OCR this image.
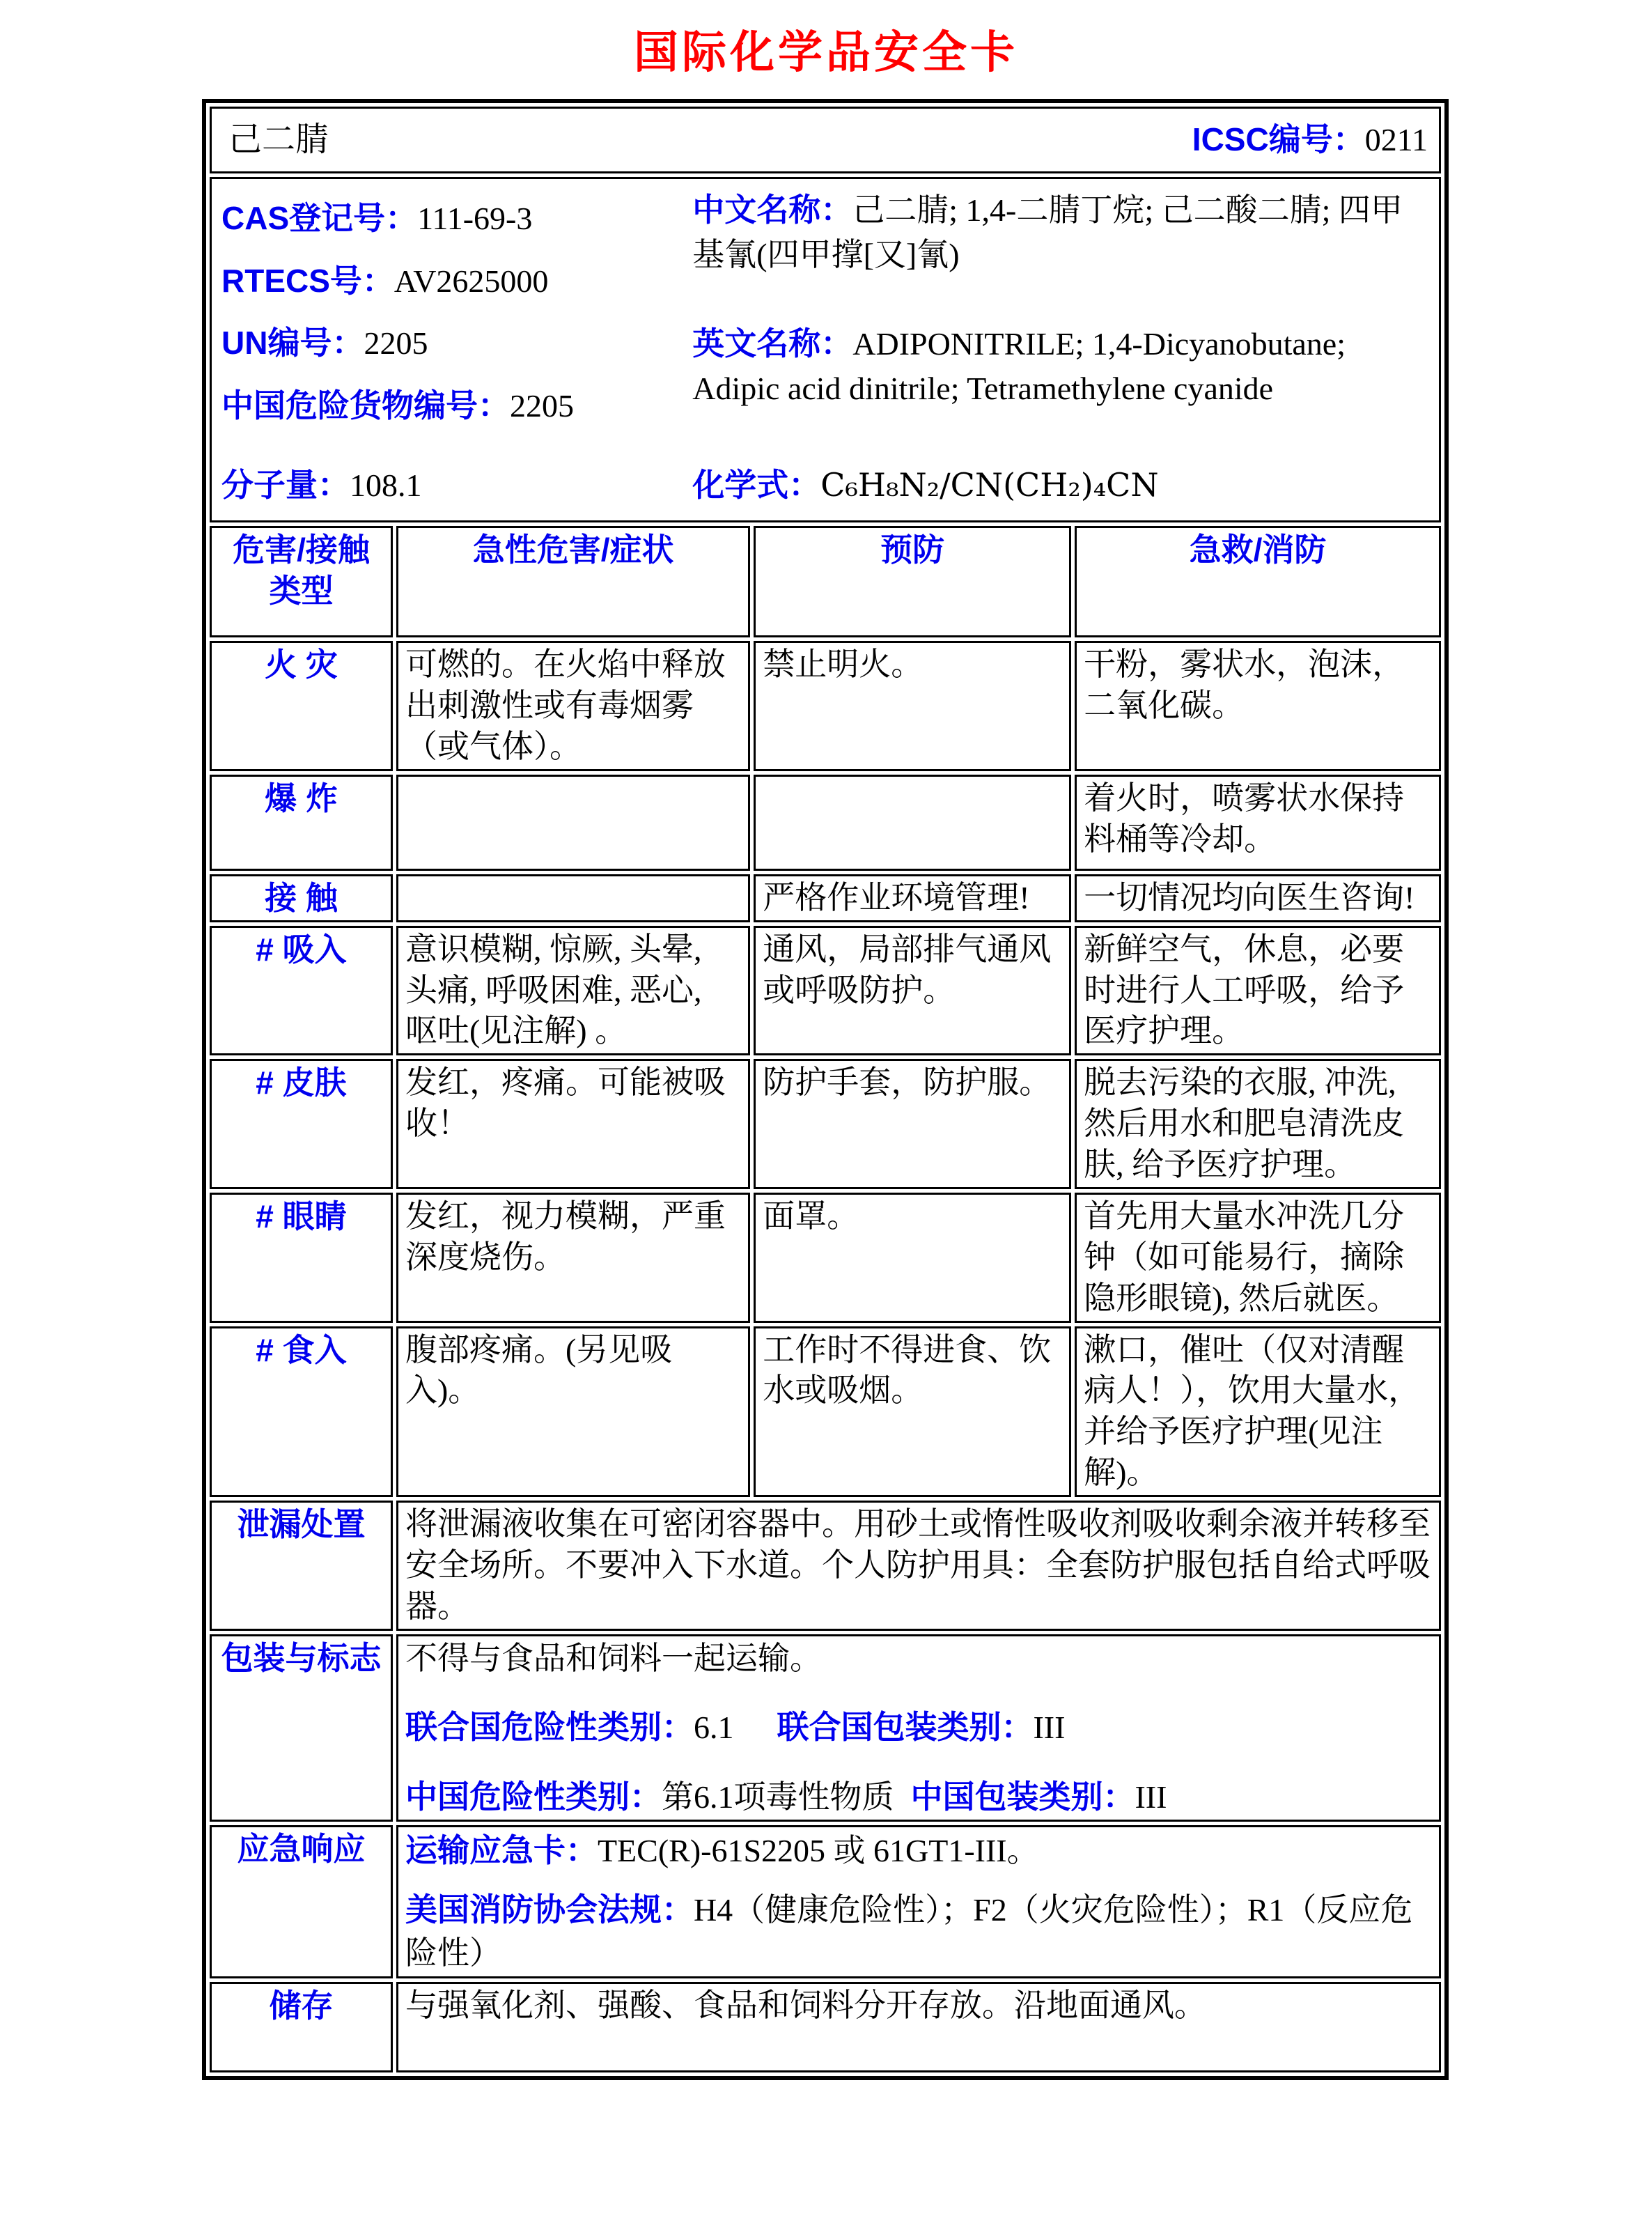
国际化学品安全卡
己二腈 ICSC编号：0211			

CAS登记号：111-69-3
RTECS号：AV2625000
UN编号：2205
中国危险货物编号：2205
中文名称：己二腈; 1,4-二腈丁烷; 己二酸二腈; 四甲基氰(四甲撑[又]氰)
英文名称：ADIPONITRILE; 1,4-Dicyanobutane; Adipic acid dinitrile; Tetramethylene cyanide
分子量：108.1	化学式：C₆H₈N₂/CN(CH₂)₄CN

危害/接触类型	急性危害/症状	预防	急救/消防
火 灾	可燃的。在火焰中释放出刺激性或有毒烟雾（或气体）。	禁止明火。	干粉，雾状水，泡沫，二氧化碳。
爆 炸			着火时，喷雾状水保持料桶等冷却。
接 触		严格作业环境管理!	一切情况均向医生咨询!
# 吸入	意识模糊, 惊厥, 头晕, 头痛, 呼吸困难, 恶心, 呕吐(见注解) 。	通风，局部排气通风或呼吸防护。	新鲜空气，休息，必要时进行人工呼吸，给予医疗护理。
# 皮肤	发红，疼痛。可能被吸收！	防护手套，防护服。	脱去污染的衣服, 冲洗, 然后用水和肥皂清洗皮肤, 给予医疗护理。
# 眼睛	发红，视力模糊，严重深度烧伤。	面罩。	首先用大量水冲洗几分钟（如可能易行，摘除隐形眼镜), 然后就医。
# 食入	腹部疼痛。(另见吸入)。	工作时不得进食、饮水或吸烟。	漱口，催吐（仅对清醒病人！），饮用大量水，并给予医疗护理(见注解)。
泄漏处置	将泄漏液收集在可密闭容器中。用砂土或惰性吸收剂吸收剩余液并转移至安全场所。不要冲入下水道。个人防护用具：全套防护服包括自给式呼吸器。		
包装与标志	不得与食品和饲料一起运输。
联合国危险性类别：6.1 联合国包装类别：III
中国危险性类别：第6.1项毒性物质 中国包装类别：III		

应急响应	运输应急卡：TEC(R)-61S2205 或 61GT1-III。
美国消防协会法规：H4（健康危险性）；F2（火灾危险性）；R1（反应危险性）		

储存	与强氧化剂、强酸、食品和饲料分开存放。沿地面通风。		
